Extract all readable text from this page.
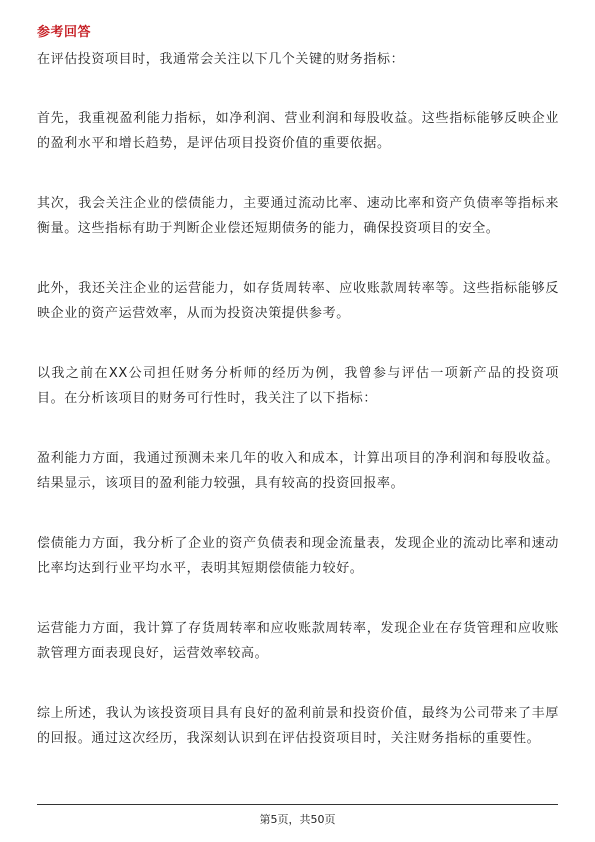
参考回答

在评估投资项目时，我通常会关注以下几个关键的财务指标：

首先，我重视盈利能力指标，如净利润、营业利润和每股收益。这些指标能够反映企业的盈利水平和增长趋势，是评估项目投资价值的重要依据。

其次，我会关注企业的偿债能力，主要通过流动比率、速动比率和资产负债率等指标来衡量。这些指标有助于判断企业偿还短期债务的能力，确保投资项目的安全。

此外，我还关注企业的运营能力，如存货周转率、应收账款周转率等。这些指标能够反映企业的资产运营效率，从而为投资决策提供参考。

以我之前在XX公司担任财务分析师的经历为例，我曾参与评估一项新产品的投资项目。在分析该项目的财务可行性时，我关注了以下指标：

盈利能力方面，我通过预测未来几年的收入和成本，计算出项目的净利润和每股收益。结果显示，该项目的盈利能力较强，具有较高的投资回报率。

偿债能力方面，我分析了企业的资产负债表和现金流量表，发现企业的流动比率和速动比率均达到行业平均水平，表明其短期偿债能力较好。

运营能力方面，我计算了存货周转率和应收账款周转率，发现企业在存货管理和应收账款管理方面表现良好，运营效率较高。

综上所述，我认为该投资项目具有良好的盈利前景和投资价值，最终为公司带来了丰厚的回报。通过这次经历，我深刻认识到在评估投资项目时，关注财务指标的重要性。

第5页，共50页
